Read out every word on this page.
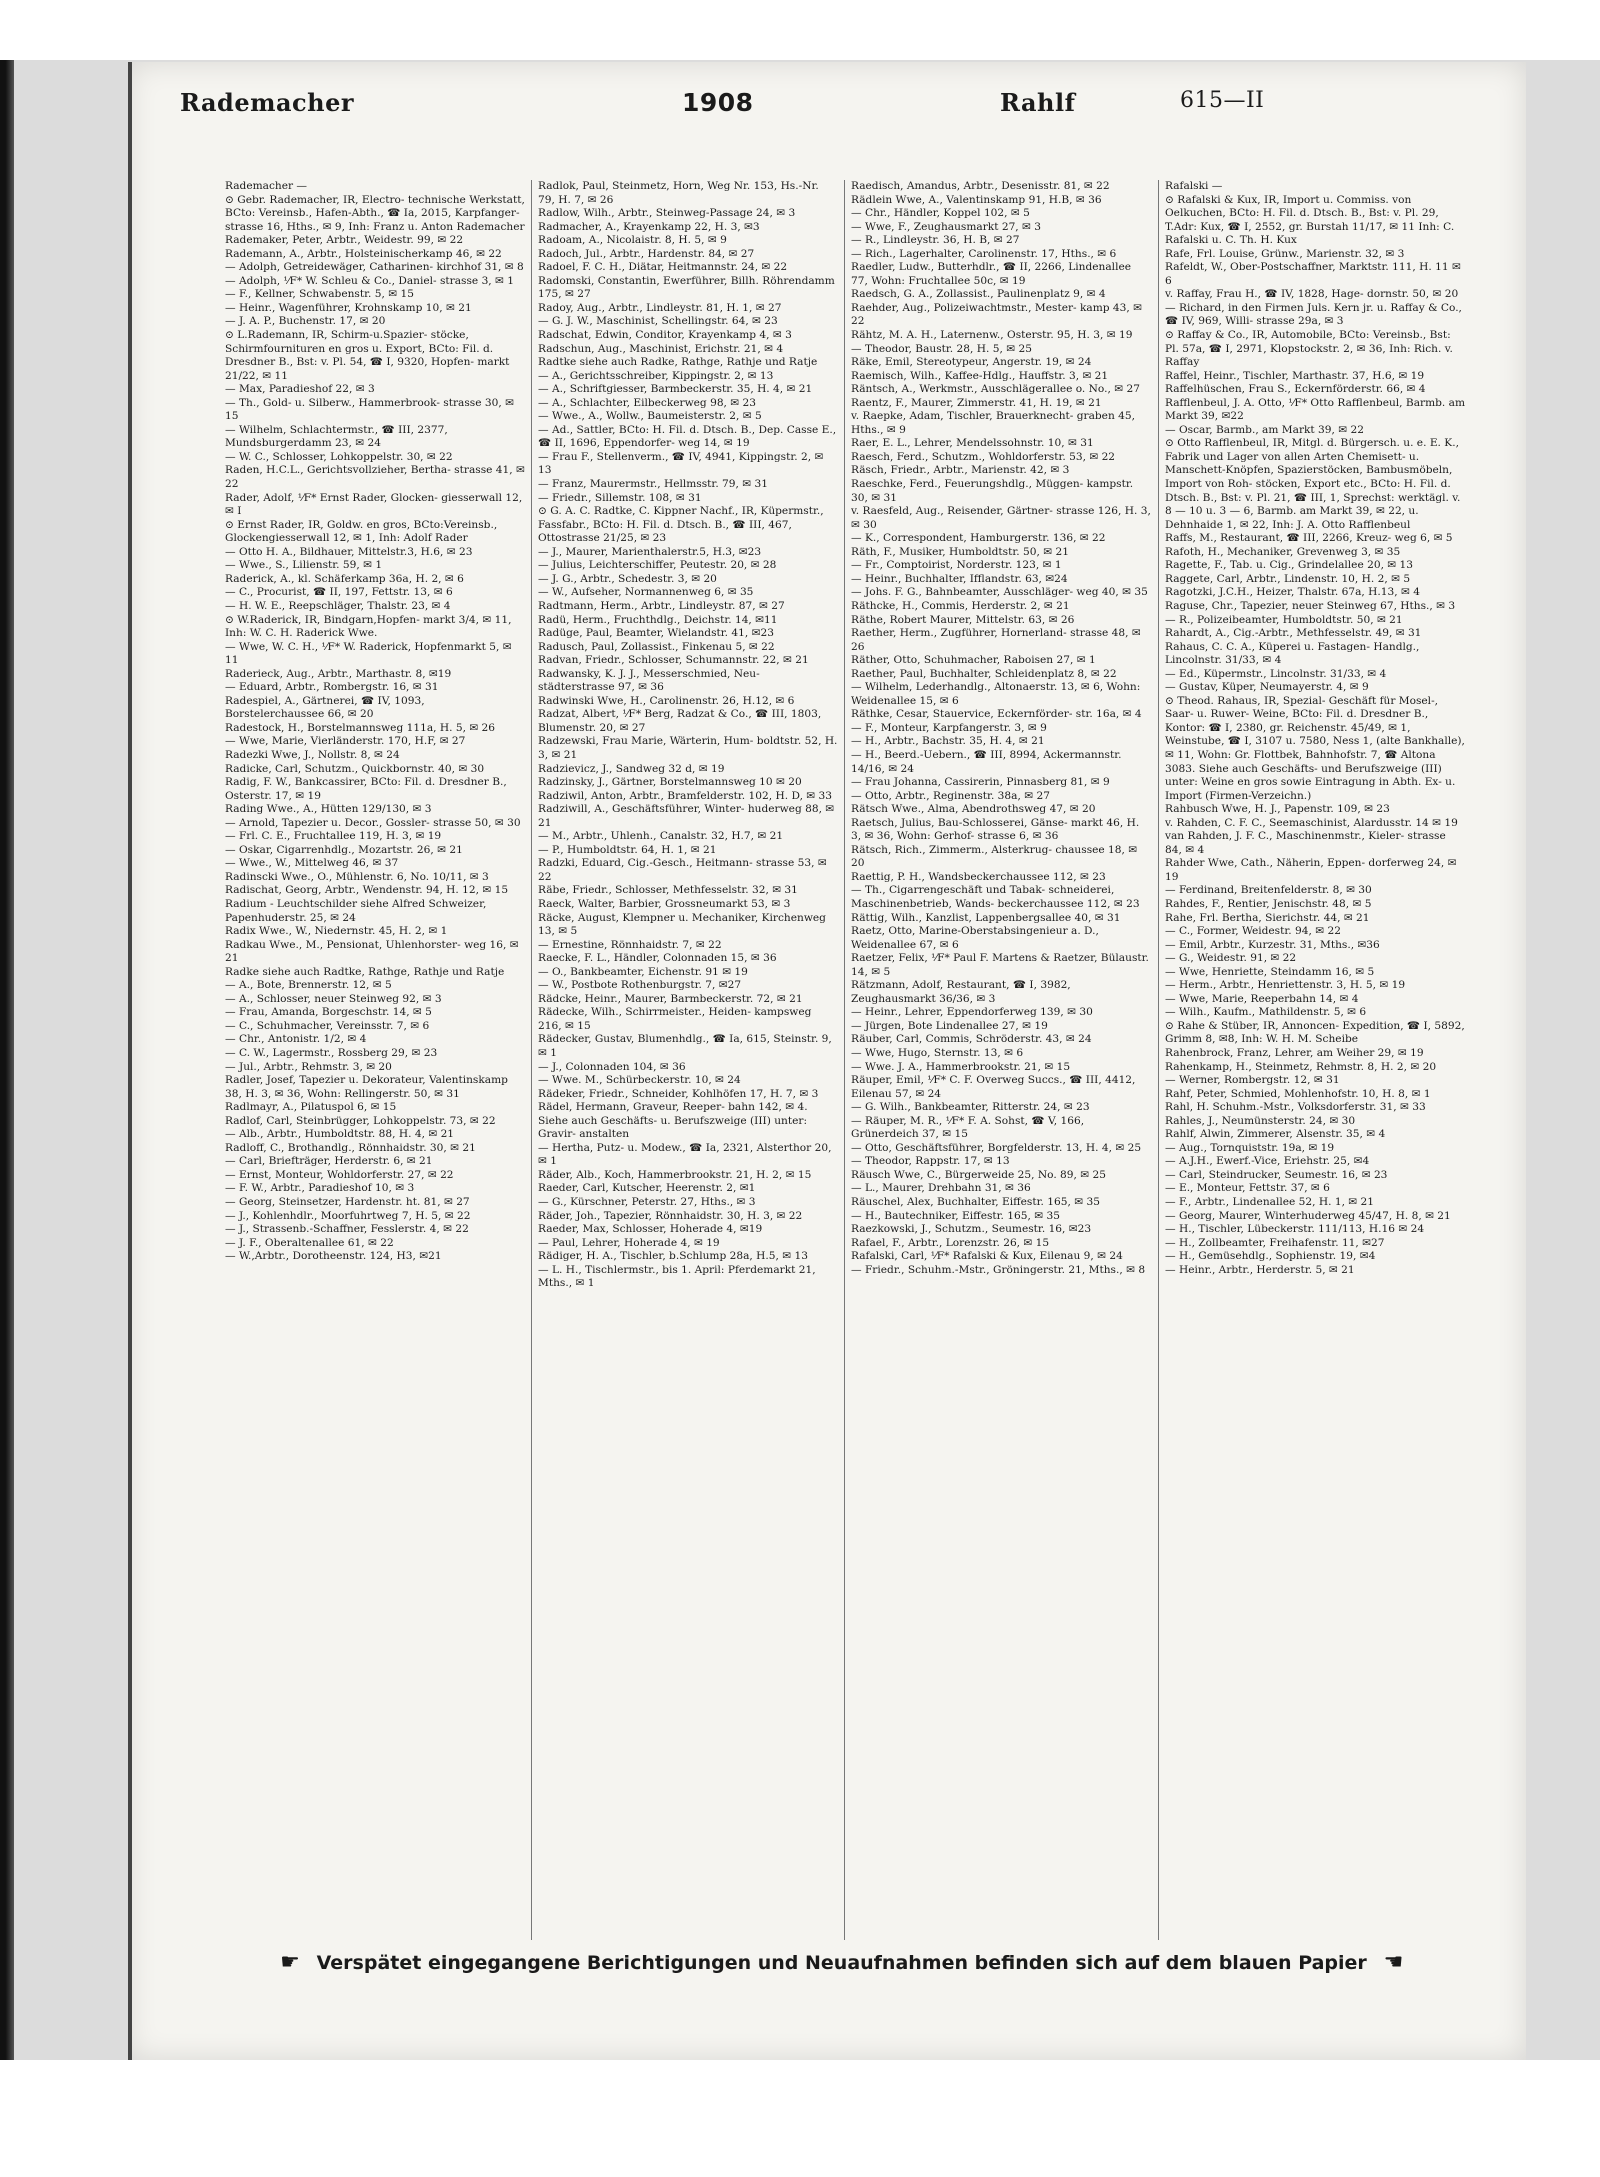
Rademacher	1908	Rahlf	615—II

Rademacher —

⊙ Gebr. Rademacher, IR, Electro- technische Werkstatt, BCto: Vereinsb., Hafen-Abth., ☎ Ia, 2015, Karpfanger- strasse 16, Hths., ✉ 9, Inh: Franz u. Anton Rademacher

Rademaker, Peter, Arbtr., Weidestr. 99, ✉ 22

Rademann, A., Arbtr., Holsteinischerkamp 46, ✉ 22

— Adolph, Getreidewäger, Catharinen- kirchhof 31, ✉ 8

— Adolph, ⅟F* W. Schleu & Co., Daniel- strasse 3, ✉ 1

— F., Kellner, Schwabenstr. 5, ✉ 15

— Heinr., Wagenführer, Krohnskamp 10, ✉ 21

— J. A. P., Buchenstr. 17, ✉ 20

⊙ L.Rademann, IR, Schirm-u.Spazier- stöcke, Schirmfournituren en gros u. Export, BCto: Fil. d. Dresdner B., Bst: v. Pl. 54, ☎ I, 9320, Hopfen- markt 21/22, ✉ 11

— Max, Paradieshof 22, ✉ 3

— Th., Gold- u. Silberw., Hammerbrook- strasse 30, ✉ 15

— Wilhelm, Schlachtermstr., ☎ III, 2377, Mundsburgerdamm 23, ✉ 24

— W. C., Schlosser, Lohkoppelstr. 30, ✉ 22

Raden, H.C.L., Gerichtsvollzieher, Bertha- strasse 41, ✉ 22

Rader, Adolf, ⅟F* Ernst Rader, Glocken- giesserwall 12, ✉ I

⊙ Ernst Rader, IR, Goldw. en gros, BCto:Vereinsb., Glockengiesserwall 12, ✉ 1, Inh: Adolf Rader

— Otto H. A., Bildhauer, Mittelstr.3, H.6, ✉ 23

— Wwe., S., Lilienstr. 59, ✉ 1

Raderick, A., kl. Schäferkamp 36a, H. 2, ✉ 6

— C., Procurist, ☎ II, 197, Fettstr. 13, ✉ 6

— H. W. E., Reepschläger, Thalstr. 23, ✉ 4

⊙ W.Raderick, IR, Bindgarn,Hopfen- markt 3/4, ✉ 11, Inh: W. C. H. Raderick Wwe.

— Wwe, W. C. H., ⅟F* W. Raderick, Hopfenmarkt 5, ✉ 11

Raderieck, Aug., Arbtr., Marthastr. 8, ✉19

— Eduard, Arbtr., Rombergstr. 16, ✉ 31

Radespiel, A., Gärtnerei, ☎ IV, 1093, Borstelerchaussee 66, ✉ 20

Radestock, H., Borstelmannsweg 111a, H. 5, ✉ 26

— Wwe, Marie, Vierländerstr. 170, H.F, ✉ 27

Radezki Wwe, J., Nollstr. 8, ✉ 24

Radicke, Carl, Schutzm., Quickbornstr. 40, ✉ 30

Radig, F. W., Bankcassirer, BCto: Fil. d. Dresdner B., Osterstr. 17, ✉ 19

Rading Wwe., A., Hütten 129/130, ✉ 3

— Arnold, Tapezier u. Decor., Gossler- strasse 50, ✉ 30

— Frl. C. E., Fruchtallee 119, H. 3, ✉ 19

— Oskar, Cigarrenhdlg., Mozartstr. 26, ✉ 21

— Wwe., W., Mittelweg 46, ✉ 37

Radinscki Wwe., O., Mühlenstr. 6, No. 10/11, ✉ 3

Radischat, Georg, Arbtr., Wendenstr. 94, H. 12, ✉ 15

Radium - Leuchtschilder siehe Alfred Schweizer, Papenhuderstr. 25, ✉ 24

Radix Wwe., W., Niedernstr. 45, H. 2, ✉ 1

Radkau Wwe., M., Pensionat, Uhlenhorster- weg 16, ✉ 21

Radke siehe auch Radtke, Rathge, Rathje und Ratje

— A., Bote, Brennerstr. 12, ✉ 5

— A., Schlosser, neuer Steinweg 92, ✉ 3

— Frau, Amanda, Borgeschstr. 14, ✉ 5

— C., Schuhmacher, Vereinsstr. 7, ✉ 6

— Chr., Antonistr. 1/2, ✉ 4

— C. W., Lagermstr., Rossberg 29, ✉ 23

— Jul., Arbtr., Rehmstr. 3, ✉ 20

Radler, Josef, Tapezier u. Dekorateur, Valentinskamp 38, H. 3, ✉ 36, Wohn: Rellingerstr. 50, ✉ 31

Radlmayr, A., Pilatuspol 6, ✉ 15

Radlof, Carl, Steinbrügger, Lohkoppelstr. 73, ✉ 22

— Alb., Arbtr., Humboldtstr. 88, H. 4, ✉ 21

Radloff, C., Brothandlg., Rönnhaidstr. 30, ✉ 21

— Carl, Briefträger, Herderstr. 6, ✉ 21

— Ernst, Monteur, Wohldorferstr. 27, ✉ 22

— F. W., Arbtr., Paradieshof 10, ✉ 3

— Georg, Steinsetzer, Hardenstr. ht. 81, ✉ 27

— J., Kohlenhdlr., Moorfuhrtweg 7, H. 5, ✉ 22

— J., Strassenb.-Schaffner, Fesslerstr. 4, ✉ 22

— J. F., Oberaltenallee 61, ✉ 22

— W.,Arbtr., Dorotheenstr. 124, H3, ✉21

Radlok, Paul, Steinmetz, Horn, Weg Nr. 153, Hs.-Nr. 79, H. 7, ✉ 26

Radlow, Wilh., Arbtr., Steinweg-Passage 24, ✉ 3

Radmacher, A., Krayenkamp 22, H. 3, ✉3

Radoam, A., Nicolaistr. 8, H. 5, ✉ 9

Radoch, Jul., Arbtr., Hardenstr. 84, ✉ 27

Radoel, F. C. H., Diätar, Heitmannstr. 24, ✉ 22

Radomski, Constantin, Ewerführer, Billh. Röhrendamm 175, ✉ 27

Radoy, Aug., Arbtr., Lindleystr. 81, H. 1, ✉ 27

— G. J. W., Maschinist, Schellingstr. 64, ✉ 23

Radschat, Edwin, Conditor, Krayenkamp 4, ✉ 3

Radschun, Aug., Maschinist, Erichstr. 21, ✉ 4

Radtke siehe auch Radke, Rathge, Rathje und Ratje

— A., Gerichtsschreiber, Kippingstr. 2, ✉ 13

— A., Schriftgiesser, Barmbeckerstr. 35, H. 4, ✉ 21

— A., Schlachter, Eilbeckerweg 98, ✉ 23

— Wwe., A., Wollw., Baumeisterstr. 2, ✉ 5

— Ad., Sattler, BCto: H. Fil. d. Dtsch. B., Dep. Casse E., ☎ II, 1696, Eppendorfer- weg 14, ✉ 19

— Frau F., Stellenverm., ☎ IV, 4941, Kippingstr. 2, ✉ 13

— Franz, Maurermstr., Hellmsstr. 79, ✉ 31

— Friedr., Sillemstr. 108, ✉ 31

⊙ G. A. C. Radtke, C. Kippner Nachf., IR, Küpermstr., Fassfabr., BCto: H. Fil. d. Dtsch. B., ☎ III, 467, Ottostrasse 21/25, ✉ 23

— J., Maurer, Marienthalerstr.5, H.3, ✉23

— Julius, Leichterschiffer, Peutestr. 20, ✉ 28

— J. G., Arbtr., Schedestr. 3, ✉ 20

— W., Aufseher, Normannenweg 6, ✉ 35

Radtmann, Herm., Arbtr., Lindleystr. 87, ✉ 27

Radü, Herm., Fruchthdlg., Deichstr. 14, ✉11

Radüge, Paul, Beamter, Wielandstr. 41, ✉23

Radusch, Paul, Zollassist., Finkenau 5, ✉ 22

Radvan, Friedr., Schlosser, Schumannstr. 22, ✉ 21

Radwansky, K. J. J., Messerschmied, Neu- städterstrasse 97, ✉ 36

Radwinski Wwe, H., Carolinenstr. 26, H.12, ✉ 6

Radzat, Albert, ⅟F* Berg, Radzat & Co., ☎ III, 1803, Blumenstr. 20, ✉ 27

Radzewski, Frau Marie, Wärterin, Hum- boldtstr. 52, H. 3, ✉ 21

Radzievicz, J., Sandweg 32 d, ✉ 19

Radzinsky, J., Gärtner, Borstelmannsweg 10 ✉ 20

Radziwil, Anton, Arbtr., Bramfelderstr. 102, H. D, ✉ 33

Radziwill, A., Geschäftsführer, Winter- huderweg 88, ✉ 21

— M., Arbtr., Uhlenh., Canalstr. 32, H.7, ✉ 21

— P., Humboldtstr. 64, H. 1, ✉ 21

Radzki, Eduard, Cig.-Gesch., Heitmann- strasse 53, ✉ 22

Räbe, Friedr., Schlosser, Methfesselstr. 32, ✉ 31

Raeck, Walter, Barbier, Grossneumarkt 53, ✉ 3

Räcke, August, Klempner u. Mechaniker, Kirchenweg 13, ✉ 5

— Ernestine, Rönnhaidstr. 7, ✉ 22

Raecke, F. L., Händler, Colonnaden 15, ✉ 36

— O., Bankbeamter, Eichenstr. 91 ✉ 19

— W., Postbote Rothenburgstr. 7, ✉27

Rädcke, Heinr., Maurer, Barmbeckerstr. 72, ✉ 21

Rädecke, Wilh., Schirrmeister., Heiden- kampsweg 216, ✉ 15

Rädecker, Gustav, Blumenhdlg., ☎ Ia, 615, Steinstr. 9, ✉ 1

— J., Colonnaden 104, ✉ 36

— Wwe. M., Schürbeckerstr. 10, ✉ 24

Rädeker, Friedr., Schneider, Kohlhöfen 17, H. 7, ✉ 3

Rädel, Hermann, Graveur, Reeper- bahn 142, ✉ 4. Siehe auch Geschäfts- u. Berufszweige (III) unter: Gravir- anstalten

— Hertha, Putz- u. Modew., ☎ Ia, 2321, Alsterthor 20, ✉ 1

Räder, Alb., Koch, Hammerbrookstr. 21, H. 2, ✉ 15

Raeder, Carl, Kutscher, Heerenstr. 2, ✉1

— G., Kürschner, Peterstr. 27, Hths., ✉ 3

Räder, Joh., Tapezier, Rönnhaidstr. 30, H. 3, ✉ 22

Raeder, Max, Schlosser, Hoherade 4, ✉19

— Paul, Lehrer, Hoherade 4, ✉ 19

Rädiger, H. A., Tischler, b.Schlump 28a, H.5, ✉ 13

— L. H., Tischlermstr., bis 1. April: Pferdemarkt 21, Mths., ✉ 1

Raedisch, Amandus, Arbtr., Desenisstr. 81, ✉ 22

Rädlein Wwe, A., Valentinskamp 91, H.B, ✉ 36

— Chr., Händler, Koppel 102, ✉ 5

— Wwe, F., Zeughausmarkt 27, ✉ 3

— R., Lindleystr. 36, H. B, ✉ 27

— Rich., Lagerhalter, Carolinenstr. 17, Hths., ✉ 6

Raedler, Ludw., Butterhdlr., ☎ II, 2266, Lindenallee 77, Wohn: Fruchtallee 50c, ✉ 19

Raedsch, G. A., Zollassist., Paulinenplatz 9, ✉ 4

Raehder, Aug., Polizeiwachtmstr., Mester- kamp 43, ✉ 22

Rähtz, M. A. H., Laternenw., Osterstr. 95, H. 3, ✉ 19

— Theodor, Baustr. 28, H. 5, ✉ 25

Räke, Emil, Stereotypeur, Angerstr. 19, ✉ 24

Raemisch, Wilh., Kaffee-Hdlg., Hauffstr. 3, ✉ 21

Räntsch, A., Werkmstr., Ausschlägerallee o. No., ✉ 27

Raentz, F., Maurer, Zimmerstr. 41, H. 19, ✉ 21

v. Raepke, Adam, Tischler, Brauerknecht- graben 45, Hths., ✉ 9

Raer, E. L., Lehrer, Mendelssohnstr. 10, ✉ 31

Raesch, Ferd., Schutzm., Wohldorferstr. 53, ✉ 22

Räsch, Friedr., Arbtr., Marienstr. 42, ✉ 3

Raeschke, Ferd., Feuerungshdlg., Müggen- kampstr. 30, ✉ 31

v. Raesfeld, Aug., Reisender, Gärtner- strasse 126, H. 3, ✉ 30

— K., Correspondent, Hamburgerstr. 136, ✉ 22

Räth, F., Musiker, Humboldtstr. 50, ✉ 21

— Fr., Comptoirist, Norderstr. 123, ✉ 1

— Heinr., Buchhalter, Ifflandstr. 63, ✉24

— Johs. F. G., Bahnbeamter, Ausschläger- weg 40, ✉ 35

Räthcke, H., Commis, Herderstr. 2, ✉ 21

Räthe, Robert Maurer, Mittelstr. 63, ✉ 26

Raether, Herm., Zugführer, Hornerland- strasse 48, ✉ 26

Räther, Otto, Schuhmacher, Raboisen 27, ✉ 1

Raether, Paul, Buchhalter, Schleidenplatz 8, ✉ 22

— Wilhelm, Lederhandlg., Altonaerstr. 13, ✉ 6, Wohn: Weidenallee 15, ✉ 6

Räthke, Cesar, Stauervice, Eckernförder- str. 16a, ✉ 4

— F., Monteur, Karpfangerstr. 3, ✉ 9

— H., Arbtr., Bachstr. 35, H. 4, ✉ 21

— H., Beerd.-Uebern., ☎ III, 8994, Ackermannstr. 14/16, ✉ 24

— Frau Johanna, Cassirerin, Pinnasberg 81, ✉ 9

— Otto, Arbtr., Reginenstr. 38a, ✉ 27

Rätsch Wwe., Alma, Abendrothsweg 47, ✉ 20

Raetsch, Julius, Bau-Schlosserei, Gänse- markt 46, H. 3, ✉ 36, Wohn: Gerhof- strasse 6, ✉ 36

Rätsch, Rich., Zimmerm., Alsterkrug- chaussee 18, ✉ 20

Raettig, P. H., Wandsbeckerchaussee 112, ✉ 23

— Th., Cigarrengeschäft und Tabak- schneiderei, Maschinenbetrieb, Wands- beckerchaussee 112, ✉ 23

Rättig, Wilh., Kanzlist, Lappenbergsallee 40, ✉ 31

Raetz, Otto, Marine-Oberstabsingenieur a. D., Weidenallee 67, ✉ 6

Raetzer, Felix, ⅟F* Paul F. Martens & Raetzer, Bülaustr. 14, ✉ 5

Rätzmann, Adolf, Restaurant, ☎ I, 3982, Zeughausmarkt 36/36, ✉ 3

— Heinr., Lehrer, Eppendorferweg 139, ✉ 30

— Jürgen, Bote Lindenallee 27, ✉ 19

Räuber, Carl, Commis, Schröderstr. 43, ✉ 24

— Wwe, Hugo, Sternstr. 13, ✉ 6

— Wwe. J. A., Hammerbrookstr. 21, ✉ 15

Räuper, Emil, ⅟F* C. F. Overweg Succs., ☎ III, 4412, Eilenau 57, ✉ 24

— G. Wilh., Bankbeamter, Ritterstr. 24, ✉ 23

— Räuper, M. R., ⅟F* F. A. Sohst, ☎ V, 166, Grünerdeich 37, ✉ 15

— Otto, Geschäftsführer, Borgfelderstr. 13, H. 4, ✉ 25

— Theodor, Rappstr. 17, ✉ 13

Räusch Wwe, C., Bürgerweide 25, No. 89, ✉ 25

— L., Maurer, Drehbahn 31, ✉ 36

Räuschel, Alex, Buchhalter, Eiffestr. 165, ✉ 35

— H., Bautechniker, Eiffestr. 165, ✉ 35

Raezkowski, J., Schutzm., Seumestr. 16, ✉23

Rafael, F., Arbtr., Lorenzstr. 26, ✉ 15

Rafalski, Carl, ⅟F* Rafalski & Kux, Eilenau 9, ✉ 24

— Friedr., Schuhm.-Mstr., Gröningerstr. 21, Mths., ✉ 8

Rafalski —

⊙ Rafalski & Kux, IR, Import u. Commiss. von Oelkuchen, BCto: H. Fil. d. Dtsch. B., Bst: v. Pl. 29, T.Adr: Kux, ☎ I, 2552, gr. Burstah 11/17, ✉ 11 Inh: C. Rafalski u. C. Th. H. Kux

Rafe, Frl. Louise, Grünw., Marienstr. 32, ✉ 3

Rafeldt, W., Ober-Postschaffner, Marktstr. 111, H. 11 ✉ 6

v. Raffay, Frau H., ☎ IV, 1828, Hage- dornstr. 50, ✉ 20

— Richard, in den Firmen Juls. Kern jr. u. Raffay & Co., ☎ IV, 969, Willi- strasse 29a, ✉ 3

⊙ Raffay & Co., IR, Automobile, BCto: Vereinsb., Bst: Pl. 57a, ☎ I, 2971, Klopstockstr. 2, ✉ 36, Inh: Rich. v. Raffay

Raffel, Heinr., Tischler, Marthastr. 37, H.6, ✉ 19

Raffelhüschen, Frau S., Eckernförderstr. 66, ✉ 4

Rafflenbeul, J. A. Otto, ⅟F* Otto Rafflenbeul, Barmb. am Markt 39, ✉22

— Oscar, Barmb., am Markt 39, ✉ 22

⊙ Otto Rafflenbeul, IR, Mitgl. d. Bürgersch. u. e. E. K., Fabrik und Lager von allen Arten Chemisett- u. Manschett-Knöpfen, Spazierstöcken, Bambusmöbeln, Import von Roh- stöcken, Export etc., BCto: H. Fil. d. Dtsch. B., Bst: v. Pl. 21, ☎ III, 1, Sprechst: werktägl. v. 8 — 10 u. 3 — 6, Barmb. am Markt 39, ✉ 22, u. Dehnhaide 1, ✉ 22, Inh: J. A. Otto Rafflenbeul

Raffs, M., Restaurant, ☎ III, 2266, Kreuz- weg 6, ✉ 5

Rafoth, H., Mechaniker, Grevenweg 3, ✉ 35

Ragette, F., Tab. u. Cig., Grindelallee 20, ✉ 13

Raggete, Carl, Arbtr., Lindenstr. 10, H. 2, ✉ 5

Ragotzki, J.C.H., Heizer, Thalstr. 67a, H.13, ✉ 4

Raguse, Chr., Tapezier, neuer Steinweg 67, Hths., ✉ 3

— R., Polizeibeamter, Humboldtstr. 50, ✉ 21

Rahardt, A., Cig.-Arbtr., Methfesselstr. 49, ✉ 31

Rahaus, C. C. A., Küperei u. Fastagen- Handlg., Lincolnstr. 31/33, ✉ 4

— Ed., Küpermstr., Lincolnstr. 31/33, ✉ 4

— Gustav, Küper, Neumayerstr. 4, ✉ 9

⊙ Theod. Rahaus, IR, Spezial- Geschäft für Mosel-, Saar- u. Ruwer- Weine, BCto: Fil. d. Dresdner B., Kontor: ☎ I, 2380, gr. Reichenstr. 45/49, ✉ 1, Weinstube, ☎ I, 3107 u. 7580, Ness 1, (alte Bankhalle), ✉ 11, Wohn: Gr. Flottbek, Bahnhofstr. 7, ☎ Altona 3083. Siehe auch Geschäfts- und Berufszweige (III) unter: Weine en gros sowie Eintragung in Abth. Ex- u. Import (Firmen-Verzeichn.)

Rahbusch Wwe, H. J., Papenstr. 109, ✉ 23

v. Rahden, C. F. C., Seemaschinist, Alardusstr. 14 ✉ 19

van Rahden, J. F. C., Maschinenmstr., Kieler- strasse 84, ✉ 4

Rahder Wwe, Cath., Näherin, Eppen- dorferweg 24, ✉ 19

— Ferdinand, Breitenfelderstr. 8, ✉ 30

Rahdes, F., Rentier, Jenischstr. 48, ✉ 5

Rahe, Frl. Bertha, Sierichstr. 44, ✉ 21

— C., Former, Weidestr. 94, ✉ 22

— Emil, Arbtr., Kurzestr. 31, Mths., ✉36

— G., Weidestr. 91, ✉ 22

— Wwe, Henriette, Steindamm 16, ✉ 5

— Herm., Arbtr., Henriettenstr. 3, H. 5, ✉ 19

— Wwe, Marie, Reeperbahn 14, ✉ 4

— Wilh., Kaufm., Mathildenstr. 5, ✉ 6

⊙ Rahe & Stüber, IR, Annoncen- Expedition, ☎ I, 5892, Grimm 8, ✉8, Inh: W. H. M. Scheibe

Rahenbrock, Franz, Lehrer, am Weiher 29, ✉ 19

Rahenkamp, H., Steinmetz, Rehmstr. 8, H. 2, ✉ 20

— Werner, Rombergstr. 12, ✉ 31

Rahf, Peter, Schmied, Mohlenhofstr. 10, H. 8, ✉ 1

Rahl, H. Schuhm.-Mstr., Volksdorferstr. 31, ✉ 33

Rahles, J., Neumünsterstr. 24, ✉ 30

Rahlf, Alwin, Zimmerer, Alsenstr. 35, ✉ 4

— Aug., Tornquiststr. 19a, ✉ 19

— A.J.H., Ewerf.-Vice, Eriehstr. 25, ✉4

— Carl, Steindrucker, Seumestr. 16, ✉ 23

— E., Monteur, Fettstr. 37, ✉ 6

— F., Arbtr., Lindenallee 52, H. 1, ✉ 21

— Georg, Maurer, Winterhuderweg 45/47, H. 8, ✉ 21

— H., Tischler, Lübeckerstr. 111/113, H.16 ✉ 24

— H., Zollbeamter, Freihafenstr. 11, ✉27

— H., Gemüsehdlg., Sophienstr. 19, ✉4

— Heinr., Arbtr., Herderstr. 5, ✉ 21

☛ Verspätet eingegangene Berichtigungen und Neuaufnahmen befinden sich auf dem blauen Papier ☚
